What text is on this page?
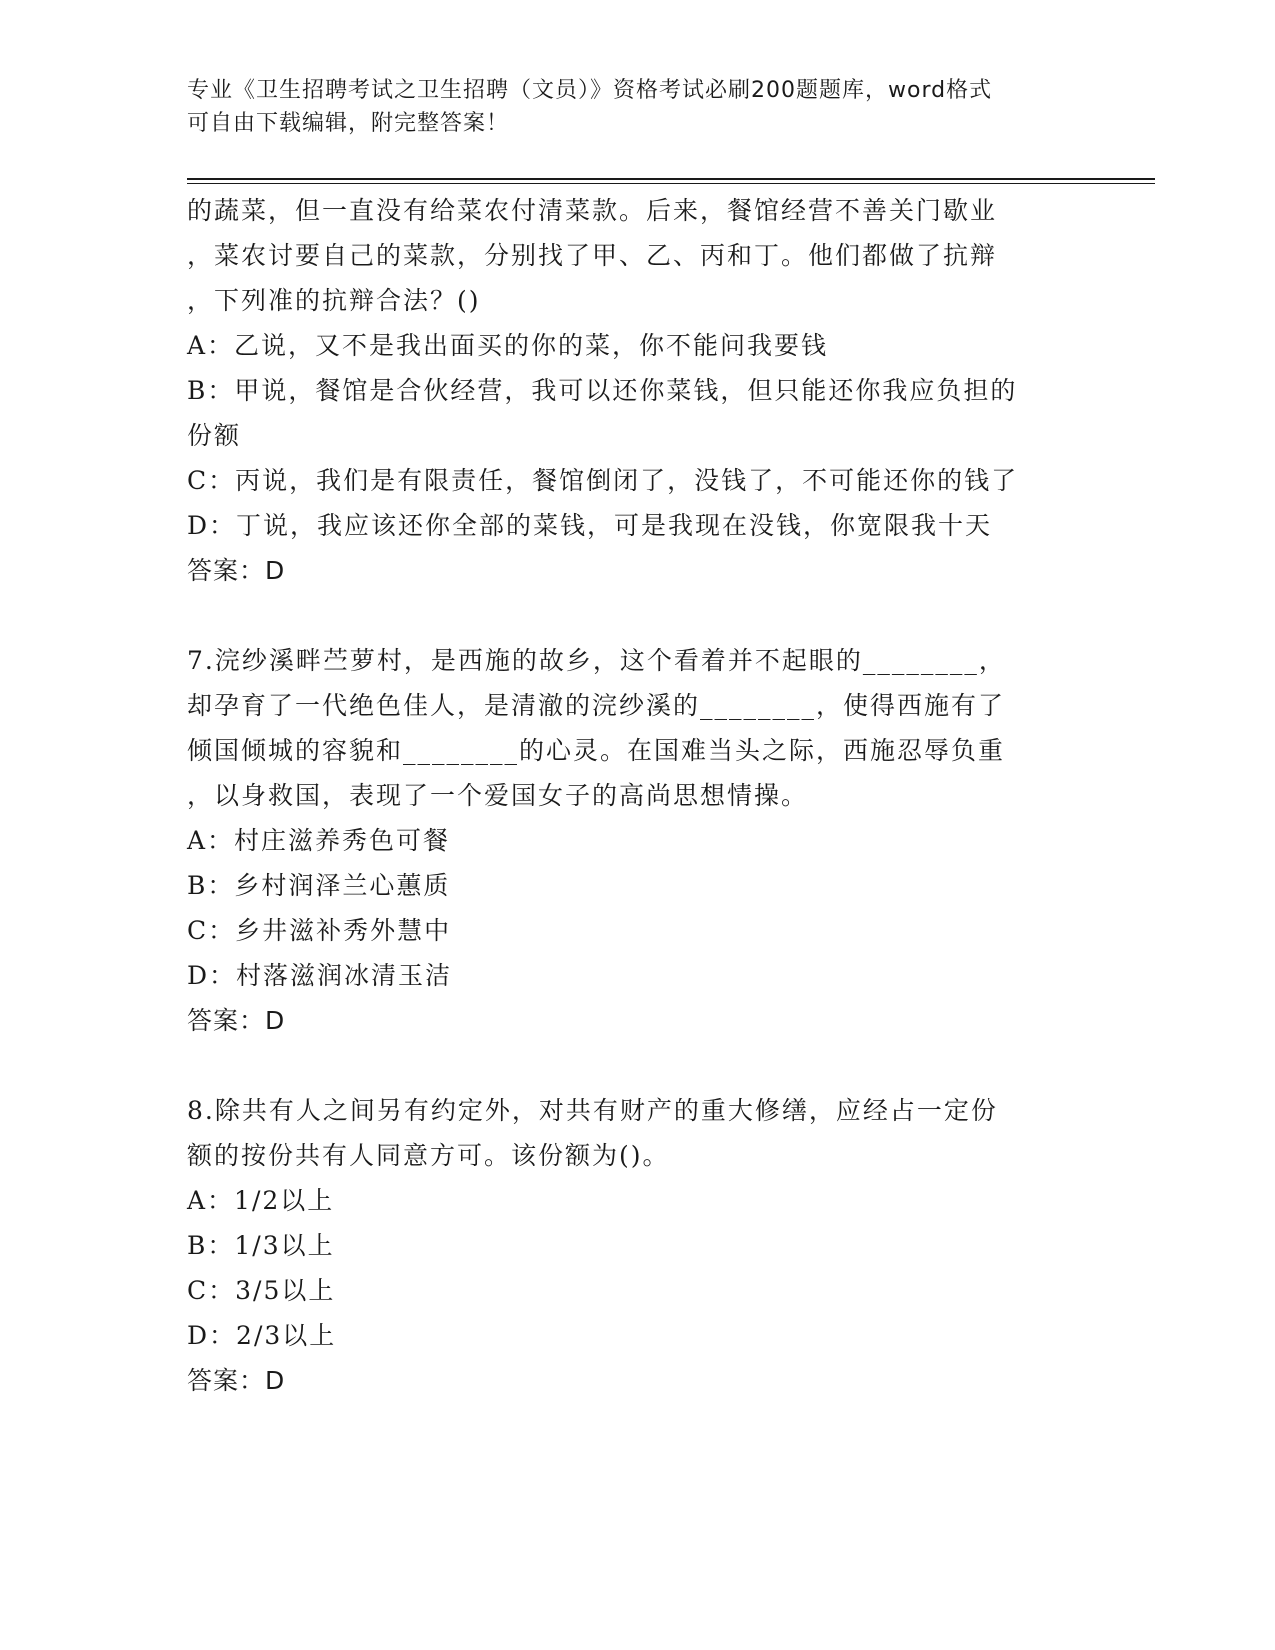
专业《卫生招聘考试之卫生招聘（文员）》资格考试必刷200题题库，word格式
可自由下载编辑，附完整答案！
的蔬菜，但一直没有给菜农付清菜款。后来，餐馆经营不善关门歇业
，菜农讨要自己的菜款，分别找了甲、乙、丙和丁。他们都做了抗辩
，下列准的抗辩合法？()
A：乙说，又不是我出面买的你的菜，你不能问我要钱
B：甲说，餐馆是合伙经营，我可以还你菜钱，但只能还你我应负担的
份额
C：丙说，我们是有限责任，餐馆倒闭了，没钱了，不可能还你的钱了
D：丁说，我应该还你全部的菜钱，可是我现在没钱，你宽限我十天
答案：D
7.浣纱溪畔苎萝村，是西施的故乡，这个看着并不起眼的________，
却孕育了一代绝色佳人，是清澈的浣纱溪的________，使得西施有了
倾国倾城的容貌和________的心灵。在国难当头之际，西施忍辱负重
，以身救国，表现了一个爱国女子的高尚思想情操。
A：村庄滋养秀色可餐
B：乡村润泽兰心蕙质
C：乡井滋补秀外慧中
D：村落滋润冰清玉洁
答案：D
8.除共有人之间另有约定外，对共有财产的重大修缮，应经占一定份
额的按份共有人同意方可。该份额为()。
A：1/2以上
B：1/3以上
C：3/5以上
D：2/3以上
答案：D
